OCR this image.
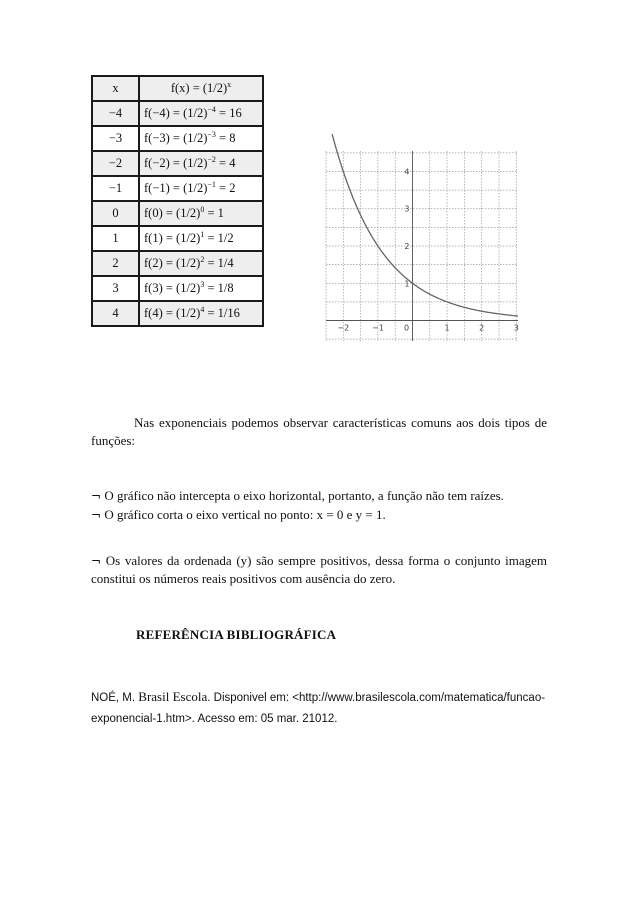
x	$f(x) = (1/2)^x$
−4	$f(-4) = (1/2)^{-4} = 16$
−3	$f(-3) = (1/2)^{-3} = 8$
−2	$f(-2) = (1/2)^{-2} = 4$
−1	$f(-1) = (1/2)^{-1} = 2$
0	$f(0) = (1/2)^0 = 1$
1	$f(1) = (1/2)^1 = 1/2$
2	$f(2) = (1/2)^2 = 1/4$
3	$f(3) = (1/2)^3 = 1/8$
4	$f(4) = (1/2)^4 = 1/16$
−2	−1	0	1	2	3
1
2
3
4
Nas exponenciais podemos observar características comuns aos dois tipos de funções:
¬ O gráfico não intercepta o eixo horizontal, portanto, a função não tem raízes.
¬ O gráfico corta o eixo vertical no ponto: x = 0 e y = 1.
¬ Os valores da ordenada (y) são sempre positivos, dessa forma o conjunto imagem constitui os números reais positivos com ausência do zero.
REFERÊNCIA BIBLIOGRÁFICA
NOÉ, M. Brasil Escola. Disponivel em: <http://www.brasilescola.com/matematica/funcao-exponencial-1.htm>. Acesso em: 05 mar. 21012.
